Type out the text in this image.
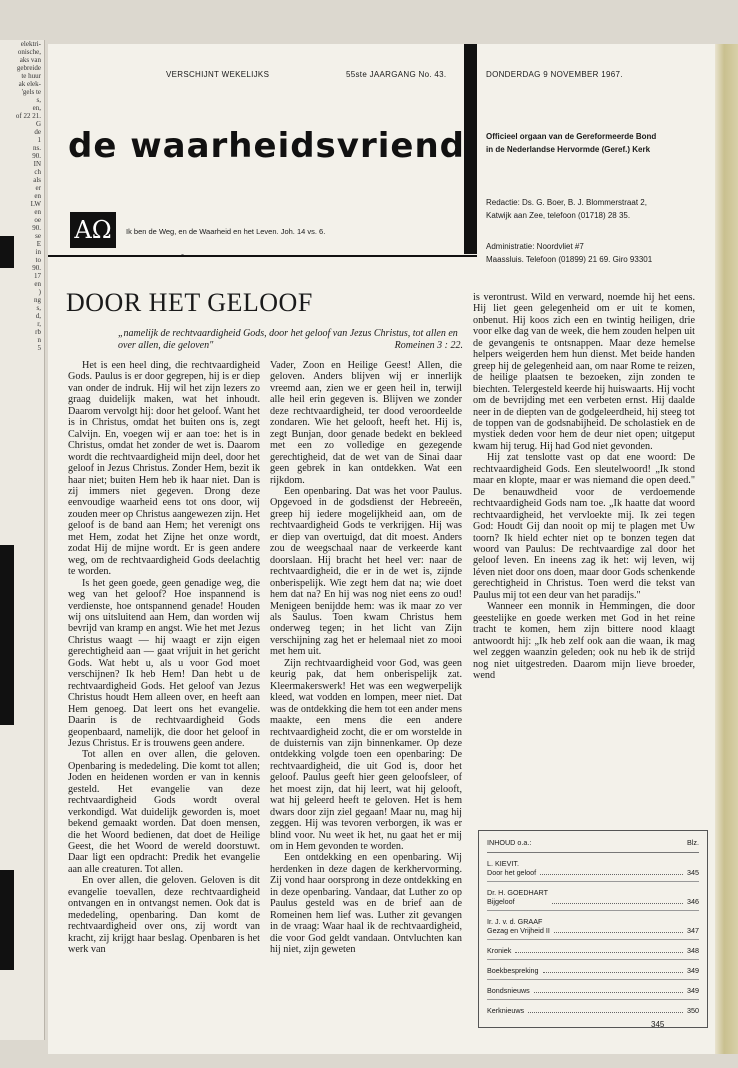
elektri-
onische,
aks van
gebreide
te huur
ak elek-
'gels te
s,
en,
of 22 21.
G
de
1
ns.
90.
IN
ch
als
er
en
LW
en
oe
90.
se
E
in
to
90.
17
en
)
ng
s,
d,
r,
rb
n
5
VERSCHIJNT WEKELIJKS	55ste JAARGANG No. 43.	DONDERDAG 9 NOVEMBER 1967.
de waarheidsvriend	Officieel orgaan van de Gereformeerde Bond
in de Nederlandse Hervormde (Geref.) Kerk
Redactie: Ds. G. Boer, B. J. Blommerstraat 2,
Katwijk aan Zee, telefoon (01718) 28 35.
Administratie: Noordvliet #7
Maassluis. Telefoon (01899) 21 69. Giro 93301
ΑΩ	Ik ben de Weg, en de Waarheid en het Leven. Joh. 14 vs. 6.
DOOR HET GELOOF
„namelijk de rechtvaardigheid Gods, door het geloof van Jezus Christus, tot allen en over allen, die geloven"	Romeinen 3 : 22.

Het is een heel ding, die rechtvaardigheid Gods. Paulus is er door gegrepen, hij is er diep van onder de indruk. Hij wil het zijn lezers zo graag duidelijk maken, wat het inhoudt. Daarom vervolgt hij: door het geloof. Want het is in Christus, omdat het buiten ons is, zegt Calvijn. En, voegen wij er aan toe: het is in Christus, omdat het zonder de wet is. Daarom wordt die rechtvaardigheid mijn deel, door het geloof in Jezus Christus. Zonder Hem, bezit ik haar niet; buiten Hem heb ik haar niet. Dan is zij immers niet gegeven. Drong deze eenvoudige waarheid eens tot ons door, wij zouden meer op Christus aangewezen zijn. Het geloof is de band aan Hem; het verenigt ons met Hem, zodat het Zijne het onze wordt, zodat Hij de mijne wordt. Er is geen andere weg, om de rechtvaardigheid Gods deelachtig te worden.

Is het geen goede, geen genadige weg, die weg van het geloof? Hoe inspannend is verdienste, hoe ontspannend genade! Houden wij ons uitsluitend aan Hem, dan worden wij bevrijd van kramp en angst. Wie het met Jezus Christus waagt — hij waagt er zijn eigen gerechtigheid aan — gaat vrijuit in het gericht Gods. Wat hebt u, als u voor God moet verschijnen? Ik heb Hem! Dan hebt u de rechtvaardigheid Gods. Het geloof van Jezus Christus houdt Hem alleen over, en heeft aan Hem genoeg. Dat leert ons het evangelie. Daarin is de rechtvaardigheid Gods geopenbaard, namelijk, die door het geloof in Jezus Christus. Er is trouwens geen andere.

Tot allen en over allen, die geloven. Openbaring is mededeling. Die komt tot allen; Joden en heidenen worden er van in kennis gesteld. Het evangelie van deze rechtvaardigheid Gods wordt overal verkondigd. Wat duidelijk geworden is, moet bekend gemaakt worden. Dat doen mensen, die het Woord bedienen, dat doet de Heilige Geest, die het Woord de wereld doorstuwt. Daar ligt een opdracht: Predik het evangelie aan alle creaturen. Tot allen.

En over allen, die geloven. Geloven is dit evangelie toevallen, deze rechtvaardigheid ontvangen en in ontvangst nemen. Ook dat is mededeling, openbaring. Dan komt de rechtvaardigheid over ons, zij wordt van kracht, zij krijgt haar beslag. Openbaren is het werk van

Vader, Zoon en Heilige Geest! Allen, die geloven. Anders blijven wij er innerlijk vreemd aan, zien we er geen heil in, terwijl alle heil erin gegeven is. Blijven we zonder deze rechtvaardigheid, ter dood veroordeelde zondaren. Wie het gelooft, heeft het. Hij is, zegt Bunjan, door genade bedekt en bekleed met een zo volledige en gezegende gerechtigheid, dat de wet van de Sinai daar geen gebrek in kan ontdekken. Wat een rijkdom.

Een openbaring. Dat was het voor Paulus. Opgevoed in de godsdienst der Hebreeën, greep hij iedere mogelijkheid aan, om de rechtvaardigheid Gods te verkrijgen. Hij was er diep van overtuigd, dat dit moest. Anders zou de weegschaal naar de verkeerde kant doorslaan. Hij bracht het heel ver: naar de rechtvaardigheid, die er in de wet is, zijnde onberispelijk. Wie zegt hem dat na; wie doet hem dat na? En hij was nog niet eens zo oud! Menigeen benijdde hem: was ik maar zo ver als Saulus. Toen kwam Christus hem onderweg tegen; in het licht van Zijn verschijning zag het er helemaal niet zo mooi met hem uit.

Zijn rechtvaardigheid voor God, was geen keurig pak, dat hem onberispelijk zat. Kleermakerswerk! Het was een wegwerpelijk kleed, wat vodden en lompen, meer niet. Dat was de ontdekking die hem tot een ander mens maakte, een mens die een andere rechtvaardigheid zocht, die er om worstelde in de duisternis van zijn binnenkamer. Op deze ontdekking volgde toen een openbaring: De rechtvaardigheid, die uit God is, door het geloof. Paulus geeft hier geen geloofsleer, of het moest zijn, dat hij leert, wat hij gelooft, wat hij geleerd heeft te geloven. Het is hem dwars door zijn ziel gegaan! Maar nu, mag hij zeggen. Hij was tevoren verborgen, ik was er blind voor. Nu weet ik het, nu gaat het er mij om in Hem gevonden te worden.

Een ontdekking en een openbaring. Wij herdenken in deze dagen de kerkhervorming. Zij vond haar oorsprong in deze ontdekking en in deze openbaring. Vandaar, dat Luther zo op Paulus gesteld was en de brief aan de Romeinen hem lief was. Luther zit gevangen in de vraag: Waar haal ik de rechtvaardigheid, die voor God geldt vandaan. Ontvluchten kan hij niet, zijn geweten

is verontrust. Wild en verward, noemde hij het eens. Hij liet geen gelegenheid om er uit te komen, onbenut. Hij koos zich een en twintig heiligen, drie voor elke dag van de week, die hem zouden helpen uit de gevangenis te ontsnappen. Maar deze hemelse helpers weigerden hem hun dienst. Met beide handen greep hij de gelegenheid aan, om naar Rome te reizen, de heilige plaatsen te bezoeken, zijn zonden te biechten. Telergesteld keerde hij huiswaarts. Hij vocht om de bevrijding met een verbeten ernst. Hij daalde neer in de diepten van de godgeleerdheid, hij steeg tot de toppen van de godsnabijheid. De scholastiek en de mystiek deden voor hem de deur niet open; uitgeput kwam hij terug. Hij had God niet gevonden.

Hij zat tenslotte vast op dat ene woord: De rechtvaardigheid Gods. Een sleutelwoord! „Ik stond maar en klopte, maar er was niemand die open deed." De benauwdheid voor de verdoemende rechtvaardigheid Gods nam toe. „Ik haatte dat woord rechtvaardigheid, het vervloekte mij. Ik zei tegen God: Houdt Gij dan nooit op mij te plagen met Uw toorn? Ik hield echter niet op te bonzen tegen dat woord van Paulus: De rechtvaardige zal door het geloof leven. En ineens zag ik het: wij leven, wij léven niet door ons doen, maar door Gods schenkende gerechtigheid in Christus. Toen werd die tekst van Paulus mij tot een deur van het paradijs."

Wanneer een monnik in Hemmingen, die door geestelijke en goede werken met God in het reine tracht te komen, hem zijn bittere nood klaagt antwoordt hij: „Ik heb zelf ook aan die waan, ik mag wel zeggen waanzin geleden; ook nu heb ik de strijd nog niet uitgestreden. Daarom mijn lieve broeder, wend

INHOUD o.a.:	Blz.
L. KIEVIT.
Door het geloof	345
Dr. H. GOEDHART
Bijgeloof	346
Ir. J. v. d. GRAAF
Gezag en Vrijheid II	347
Kroniek	348
Boekbespreking	349
Bondsnieuws	349
Kerknieuws	350
345
